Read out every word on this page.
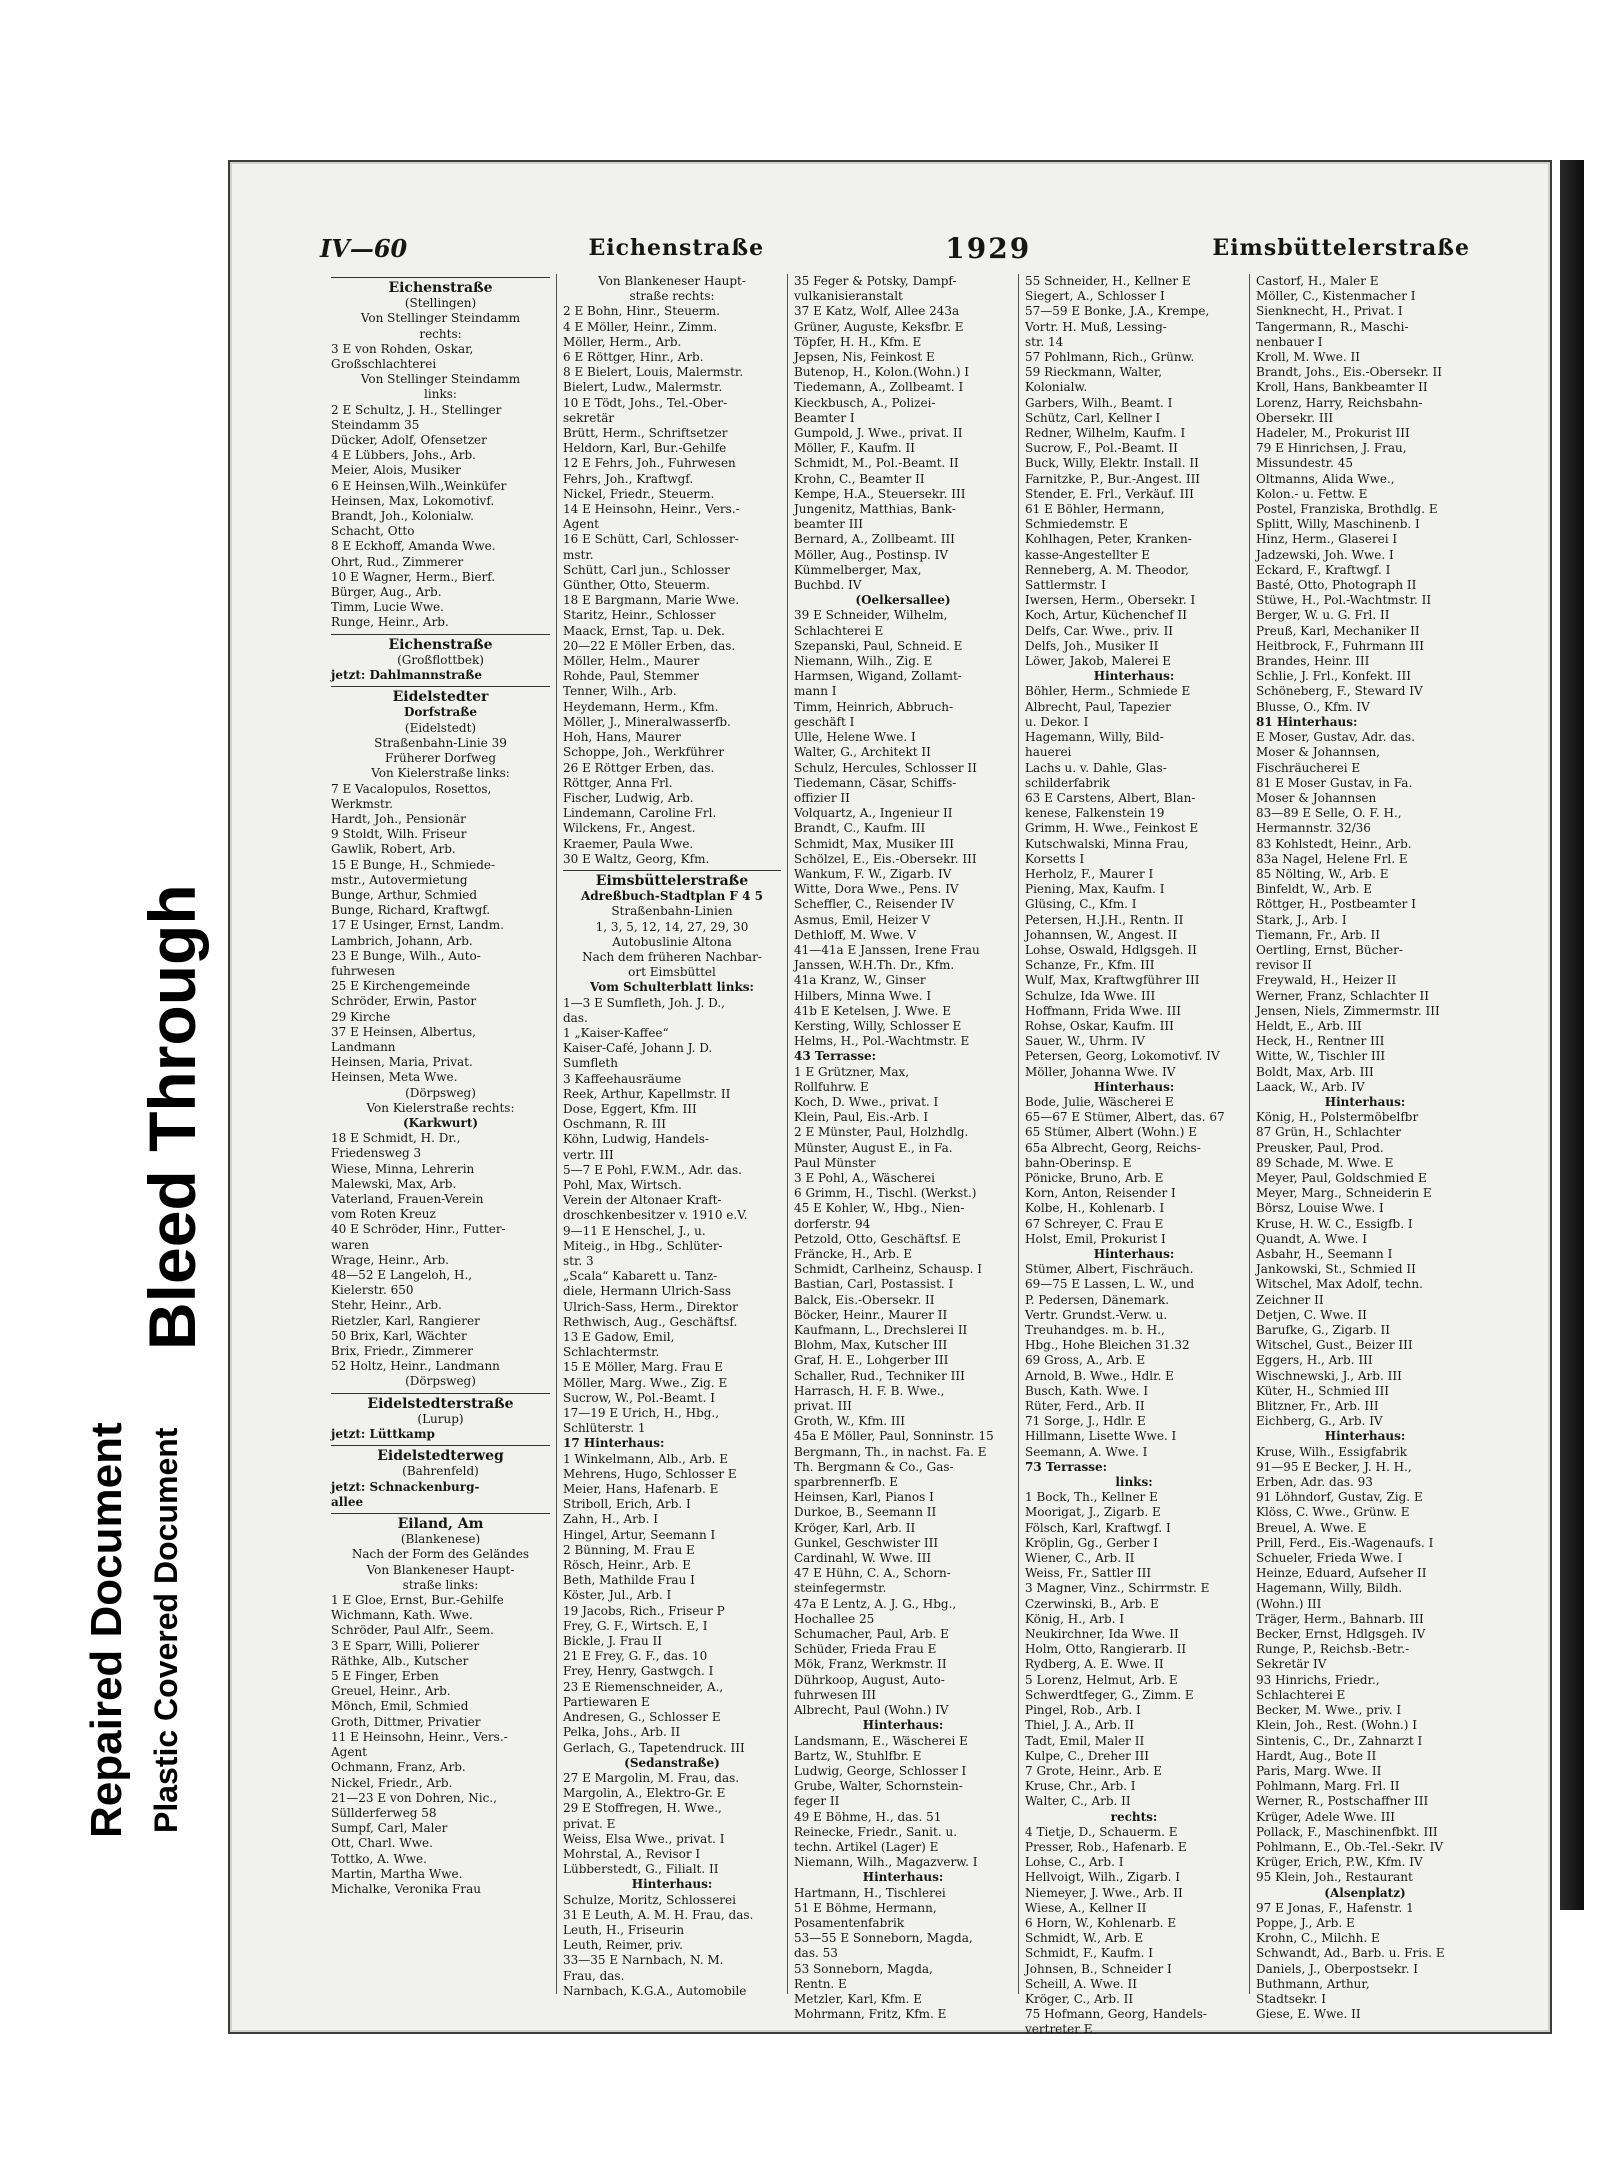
Bleed Through
Repaired Document Plastic Covered Document
IV—60	Eichenstraße	1929	Eimsbüttelerstraße
Eichenstraße
(Stellingen)
Von Stellinger Steindamm
rechts:
3 E von Rohden, Oskar,
Großschlachterei
Von Stellinger Steindamm
links:
2 E Schultz, J. H., Stellinger
Steindamm 35
Dücker, Adolf, Ofensetzer
4 E Lübbers, Johs., Arb.
Meier, Alois, Musiker
6 E Heinsen,Wilh.,Weinküfer
Heinsen, Max, Lokomotivf.
Brandt, Joh., Kolonialw.
Schacht, Otto
8 E Eckhoff, Amanda Wwe.
Ohrt, Rud., Zimmerer
10 E Wagner, Herm., Bierf.
Bürger, Aug., Arb.
Timm, Lucie Wwe.
Runge, Heinr., Arb.
Eichenstraße
(Großflottbek)
jetzt: Dahlmannstraße
Eidelstedter
Dorfstraße
(Eidelstedt)
Straßenbahn-Linie 39
Früherer Dorfweg
Von Kielerstraße links:
7 E Vacalopulos, Rosettos,
Werkmstr.
Hardt, Joh., Pensionär
9 Stoldt, Wilh. Friseur
Gawlik, Robert, Arb.
15 E Bunge, H., Schmiede-
mstr., Autovermietung
Bunge, Arthur, Schmied
Bunge, Richard, Kraftwgf.
17 E Usinger, Ernst, Landm.
Lambrich, Johann, Arb.
23 E Bunge, Wilh., Auto-
fuhrwesen
25 E Kirchengemeinde
Schröder, Erwin, Pastor
29 Kirche
37 E Heinsen, Albertus,
Landmann
Heinsen, Maria, Privat.
Heinsen, Meta Wwe.
(Dörpsweg)
Von Kielerstraße rechts:
(Karkwurt)
18 E Schmidt, H. Dr.,
Friedensweg 3
Wiese, Minna, Lehrerin
Malewski, Max, Arb.
Vaterland, Frauen-Verein
vom Roten Kreuz
40 E Schröder, Hinr., Futter-
waren
Wrage, Heinr., Arb.
48—52 E Langeloh, H.,
Kielerstr. 650
Stehr, Heinr., Arb.
Rietzler, Karl, Rangierer
50 Brix, Karl, Wächter
Brix, Friedr., Zimmerer
52 Holtz, Heinr., Landmann
(Dörpsweg)
Eidelstedterstraße
(Lurup)
jetzt: Lüttkamp
Eidelstedterweg
(Bahrenfeld)
jetzt: Schnackenburg-
allee
Eiland, Am
(Blankenese)
Nach der Form des Geländes
Von Blankeneser Haupt-
straße links:
1 E Gloe, Ernst, Bur.-Gehilfe
Wichmann, Kath. Wwe.
Schröder, Paul Alfr., Seem.
3 E Sparr, Willi, Polierer
Räthke, Alb., Kutscher
5 E Finger, Erben
Greuel, Heinr., Arb.
Mönch, Emil, Schmied
Groth, Dittmer, Privatier
11 E Heinsohn, Heinr., Vers.-
Agent
Ochmann, Franz, Arb.
Nickel, Friedr., Arb.
21—23 E von Dohren, Nic.,
Süllderferweg 58
Sumpf, Carl, Maler
Ott, Charl. Wwe.
Tottko, A. Wwe.
Martin, Martha Wwe.
Michalke, Veronika Frau
Von Blankeneser Haupt-
straße rechts:
2 E Bohn, Hinr., Steuerm.
4 E Möller, Heinr., Zimm.
Möller, Herm., Arb.
6 E Röttger, Hinr., Arb.
8 E Bielert, Louis, Malermstr.
Bielert, Ludw., Malermstr.
10 E Tödt, Johs., Tel.-Ober-
sekretär
Brütt, Herm., Schriftsetzer
Heldorn, Karl, Bur.-Gehilfe
12 E Fehrs, Joh., Fuhrwesen
Fehrs, Joh., Kraftwgf.
Nickel, Friedr., Steuerm.
14 E Heinsohn, Heinr., Vers.-
Agent
16 E Schütt, Carl, Schlosser-
mstr.
Schütt, Carl jun., Schlosser
Günther, Otto, Steuerm.
18 E Bargmann, Marie Wwe.
Staritz, Heinr., Schlosser
Maack, Ernst, Tap. u. Dek.
20—22 E Möller Erben, das.
Möller, Helm., Maurer
Rohde, Paul, Stemmer
Tenner, Wilh., Arb.
Heydemann, Herm., Kfm.
Möller, J., Mineralwasserfb.
Hoh, Hans, Maurer
Schoppe, Joh., Werkführer
26 E Röttger Erben, das.
Röttger, Anna Frl.
Fischer, Ludwig, Arb.
Lindemann, Caroline Frl.
Wilckens, Fr., Angest.
Kraemer, Paula Wwe.
30 E Waltz, Georg, Kfm.
Eimsbüttelerstraße
Adreßbuch-Stadtplan F 4 5
Straßenbahn-Linien
1, 3, 5, 12, 14, 27, 29, 30
Autobuslinie Altona
Nach dem früheren Nachbar-
ort Eimsbüttel
Vom Schulterblatt links:
1—3 E Sumfleth, Joh. J. D.,
das.
1 „Kaiser-Kaffee“
Kaiser-Café, Johann J. D.
Sumfleth
3 Kaffeehausräume
Reek, Arthur, Kapellmstr. II
Dose, Eggert, Kfm. III
Oschmann, R. III
Köhn, Ludwig, Handels-
vertr. III
5—7 E Pohl, F.W.M., Adr. das.
Pohl, Max, Wirtsch.
Verein der Altonaer Kraft-
droschkenbesitzer v. 1910 e.V.
9—11 E Henschel, J., u.
Miteig., in Hbg., Schlüter-
str. 3
„Scala“ Kabarett u. Tanz-
diele, Hermann Ulrich-Sass
Ulrich-Sass, Herm., Direktor
Rethwisch, Aug., Geschäftsf.
13 E Gadow, Emil,
Schlachtermstr.
15 E Möller, Marg. Frau E
Möller, Marg. Wwe., Zig. E
Sucrow, W., Pol.-Beamt. I
17—19 E Urich, H., Hbg.,
Schlüterstr. 1
17 Hinterhaus:
1 Winkelmann, Alb., Arb. E
Mehrens, Hugo, Schlosser E
Meier, Hans, Hafenarb. E
Striboll, Erich, Arb. I
Zahn, H., Arb. I
Hingel, Artur, Seemann I
2 Bünning, M. Frau E
Rösch, Heinr., Arb. E
Beth, Mathilde Frau I
Köster, Jul., Arb. I
19 Jacobs, Rich., Friseur P
Frey, G. F., Wirtsch. E, I
Bickle, J. Frau II
21 E Frey, G. F., das. 10
Frey, Henry, Gastwgch. I
23 E Riemenschneider, A.,
Partiewaren E
Andresen, G., Schlosser E
Pelka, Johs., Arb. II
Gerlach, G., Tapetendruck. III
(Sedanstraße)
27 E Margolin, M. Frau, das.
Margolin, A., Elektro-Gr. E
29 E Stoffregen, H. Wwe.,
privat. E
Weiss, Elsa Wwe., privat. I
Mohrstal, A., Revisor I
Lübberstedt, G., Filialt. II
Hinterhaus:
Schulze, Moritz, Schlosserei
31 E Leuth, A. M. H. Frau, das.
Leuth, H., Friseurin
Leuth, Reimer, priv.
33—35 E Narnbach, N. M.
Frau, das.
Narnbach, K.G.A., Automobile
35 Feger & Potsky, Dampf-
vulkanisieranstalt
37 E Katz, Wolf, Allee 243a
Grüner, Auguste, Keksfbr. E
Töpfer, H. H., Kfm. E
Jepsen, Nis, Feinkost E
Butenop, H., Kolon.(Wohn.) I
Tiedemann, A., Zollbeamt. I
Kieckbusch, A., Polizei-
Beamter I
Gumpold, J. Wwe., privat. II
Möller, F., Kaufm. II
Schmidt, M., Pol.-Beamt. II
Krohn, C., Beamter II
Kempe, H.A., Steuersekr. III
Jungenitz, Matthias, Bank-
beamter III
Bernard, A., Zollbeamt. III
Möller, Aug., Postinsp. IV
Kümmelberger, Max,
Buchbd. IV
(Oelkersallee)
39 E Schneider, Wilhelm,
Schlachterei E
Szepanski, Paul, Schneid. E
Niemann, Wilh., Zig. E
Harmsen, Wigand, Zollamt-
mann I
Timm, Heinrich, Abbruch-
geschäft I
Ulle, Helene Wwe. I
Walter, G., Architekt II
Schulz, Hercules, Schlosser II
Tiedemann, Cäsar, Schiffs-
offizier II
Volquartz, A., Ingenieur II
Brandt, C., Kaufm. III
Schmidt, Max, Musiker III
Schölzel, E., Eis.-Obersekr. III
Wankum, F. W., Zigarb. IV
Witte, Dora Wwe., Pens. IV
Scheffler, C., Reisender IV
Asmus, Emil, Heizer V
Dethloff, M. Wwe. V
41—41a E Janssen, Irene Frau
Janssen, W.H.Th. Dr., Kfm.
41a Kranz, W., Ginser
Hilbers, Minna Wwe. I
41b E Ketelsen, J. Wwe. E
Kersting, Willy, Schlosser E
Helms, H., Pol.-Wachtmstr. E
43 Terrasse:
1 E Grützner, Max,
Rollfuhrw. E
Koch, D. Wwe., privat. I
Klein, Paul, Eis.-Arb. I
2 E Münster, Paul, Holzhdlg.
Münster, August E., in Fa.
Paul Münster
3 E Pohl, A., Wäscherei
6 Grimm, H., Tischl. (Werkst.)
45 E Kohler, W., Hbg., Nien-
dorferstr. 94
Petzold, Otto, Geschäftsf. E
Fräncke, H., Arb. E
Schmidt, Carlheinz, Schausp. I
Bastian, Carl, Postassist. I
Balck, Eis.-Obersekr. II
Böcker, Heinr., Maurer II
Kaufmann, L., Drechslerei II
Blohm, Max, Kutscher III
Graf, H. E., Lohgerber III
Schaller, Rud., Techniker III
Harrasch, H. F. B. Wwe.,
privat. III
Groth, W., Kfm. III
45a E Möller, Paul, Sonninstr. 15
Bergmann, Th., in nachst. Fa. E
Th. Bergmann & Co., Gas-
sparbrennerfb. E
Heinsen, Karl, Pianos I
Durkoe, B., Seemann II
Kröger, Karl, Arb. II
Gunkel, Geschwister III
Cardinahl, W. Wwe. III
47 E Hühn, C. A., Schorn-
steinfegermstr.
47a E Lentz, A. J. G., Hbg.,
Hochallee 25
Schumacher, Paul, Arb. E
Schüder, Frieda Frau E
Mök, Franz, Werkmstr. II
Dührkoop, August, Auto-
fuhrwesen III
Albrecht, Paul (Wohn.) IV
Hinterhaus:
Landsmann, E., Wäscherei E
Bartz, W., Stuhlfbr. E
Ludwig, George, Schlosser I
Grube, Walter, Schornstein-
feger II
49 E Böhme, H., das. 51
Reinecke, Friedr., Sanit. u.
techn. Artikel (Lager) E
Niemann, Wilh., Magazverw. I
Hinterhaus:
Hartmann, H., Tischlerei
51 E Böhme, Hermann,
Posamentenfabrik
53—55 E Sonneborn, Magda,
das. 53
53 Sonneborn, Magda,
Rentn. E
Metzler, Karl, Kfm. E
Mohrmann, Fritz, Kfm. E
55 Schneider, H., Kellner E
Siegert, A., Schlosser I
57—59 E Bonke, J.A., Krempe,
Vortr. H. Muß, Lessing-
str. 14
57 Pohlmann, Rich., Grünw.
59 Rieckmann, Walter,
Kolonialw.
Garbers, Wilh., Beamt. I
Schütz, Carl, Kellner I
Redner, Wilhelm, Kaufm. I
Sucrow, F., Pol.-Beamt. II
Buck, Willy, Elektr. Install. II
Farnitzke, P., Bur.-Angest. III
Stender, E. Frl., Verkäuf. III
61 E Böhler, Hermann,
Schmiedemstr. E
Kohlhagen, Peter, Kranken-
kasse-Angestellter E
Renneberg, A. M. Theodor,
Sattlermstr. I
Iwersen, Herm., Obersekr. I
Koch, Artur, Küchenchef II
Delfs, Car. Wwe., priv. II
Delfs, Joh., Musiker II
Löwer, Jakob, Malerei E
Hinterhaus:
Böhler, Herm., Schmiede E
Albrecht, Paul, Tapezier
u. Dekor. I
Hagemann, Willy, Bild-
hauerei
Lachs u. v. Dahle, Glas-
schilderfabrik
63 E Carstens, Albert, Blan-
kenese, Falkenstein 19
Grimm, H. Wwe., Feinkost E
Kutschwalski, Minna Frau,
Korsetts I
Herholz, F., Maurer I
Piening, Max, Kaufm. I
Glüsing, C., Kfm. I
Petersen, H.J.H., Rentn. II
Johannsen, W., Angest. II
Lohse, Oswald, Hdlgsgeh. II
Schanze, Fr., Kfm. III
Wulf, Max, Kraftwgführer III
Schulze, Ida Wwe. III
Hoffmann, Frida Wwe. III
Rohse, Oskar, Kaufm. III
Sauer, W., Uhrm. IV
Petersen, Georg, Lokomotivf. IV
Möller, Johanna Wwe. IV
Hinterhaus:
Bode, Julie, Wäscherei E
65—67 E Stümer, Albert, das. 67
65 Stümer, Albert (Wohn.) E
65a Albrecht, Georg, Reichs-
bahn-Oberinsp. E
Pönicke, Bruno, Arb. E
Korn, Anton, Reisender I
Kolbe, H., Kohlenarb. I
67 Schreyer, C. Frau E
Holst, Emil, Prokurist I
Hinterhaus:
Stümer, Albert, Fischräuch.
69—75 E Lassen, L. W., und
P. Pedersen, Dänemark.
Vertr. Grundst.-Verw. u.
Treuhandges. m. b. H.,
Hbg., Hohe Bleichen 31.32
69 Gross, A., Arb. E
Arnold, B. Wwe., Hdlr. E
Busch, Kath. Wwe. I
Rüter, Ferd., Arb. II
71 Sorge, J., Hdlr. E
Hillmann, Lisette Wwe. I
Seemann, A. Wwe. I
73 Terrasse:
links:
1 Bock, Th., Kellner E
Moorigat, J., Zigarb. E
Fölsch, Karl, Kraftwgf. I
Kröplin, Gg., Gerber I
Wiener, C., Arb. II
Weiss, Fr., Sattler III
3 Magner, Vinz., Schirrmstr. E
Czerwinski, B., Arb. E
König, H., Arb. I
Neukirchner, Ida Wwe. II
Holm, Otto, Rangierarb. II
Rydberg, A. E. Wwe. II
5 Lorenz, Helmut, Arb. E
Schwerdtfeger, G., Zimm. E
Pingel, Rob., Arb. I
Thiel, J. A., Arb. II
Tadt, Emil, Maler II
Kulpe, C., Dreher III
7 Grote, Heinr., Arb. E
Kruse, Chr., Arb. I
Walter, C., Arb. II
rechts:
4 Tietje, D., Schauerm. E
Presser, Rob., Hafenarb. E
Lohse, C., Arb. I
Hellvoigt, Wilh., Zigarb. I
Niemeyer, J. Wwe., Arb. II
Wiese, A., Kellner II
6 Horn, W., Kohlenarb. E
Schmidt, W., Arb. E
Schmidt, F., Kaufm. I
Johnsen, B., Schneider I
Scheill, A. Wwe. II
Kröger, C., Arb. II
75 Hofmann, Georg, Handels-
vertreter E
Castorf, H., Maler E
Möller, C., Kistenmacher I
Sienknecht, H., Privat. I
Tangermann, R., Maschi-
nenbauer I
Kroll, M. Wwe. II
Brandt, Johs., Eis.-Obersekr. II
Kroll, Hans, Bankbeamter II
Lorenz, Harry, Reichsbahn-
Obersekr. III
Hadeler, M., Prokurist III
79 E Hinrichsen, J. Frau,
Missundestr. 45
Oltmanns, Alida Wwe.,
Kolon.- u. Fettw. E
Postel, Franziska, Brothdlg. E
Splitt, Willy, Maschinenb. I
Hinz, Herm., Glaserei I
Jadzewski, Joh. Wwe. I
Eckard, F., Kraftwgf. I
Basté, Otto, Photograph II
Stüwe, H., Pol.-Wachtmstr. II
Berger, W. u. G. Frl. II
Preuß, Karl, Mechaniker II
Heitbrock, F., Fuhrmann III
Brandes, Heinr. III
Schlie, J. Frl., Konfekt. III
Schöneberg, F., Steward IV
Blusse, O., Kfm. IV
81 Hinterhaus:
E Moser, Gustav, Adr. das.
Moser & Johannsen,
Fischräucherei E
81 E Moser Gustav, in Fa.
Moser & Johannsen
83—89 E Selle, O. F. H.,
Hermannstr. 32/36
83 Kohlstedt, Heinr., Arb.
83a Nagel, Helene Frl. E
85 Nölting, W., Arb. E
Binfeldt, W., Arb. E
Röttger, H., Postbeamter I
Stark, J., Arb. I
Tiemann, Fr., Arb. II
Oertling, Ernst, Bücher-
revisor II
Freywald, H., Heizer II
Werner, Franz, Schlachter II
Jensen, Niels, Zimmermstr. III
Heldt, E., Arb. III
Heck, H., Rentner III
Witte, W., Tischler III
Boldt, Max, Arb. III
Laack, W., Arb. IV
Hinterhaus:
König, H., Polstermöbelfbr
87 Grün, H., Schlachter
Preusker, Paul, Prod.
89 Schade, M. Wwe. E
Meyer, Paul, Goldschmied E
Meyer, Marg., Schneiderin E
Börsz, Louise Wwe. I
Kruse, H. W. C., Essigfb. I
Quandt, A. Wwe. I
Asbahr, H., Seemann I
Jankowski, St., Schmied II
Witschel, Max Adolf, techn.
Zeichner II
Detjen, C. Wwe. II
Barufke, G., Zigarb. II
Witschel, Gust., Beizer III
Eggers, H., Arb. III
Wischnewski, J., Arb. III
Küter, H., Schmied III
Blitzner, Fr., Arb. III
Eichberg, G., Arb. IV
Hinterhaus:
Kruse, Wilh., Essigfabrik
91—95 E Becker, J. H. H.,
Erben, Adr. das. 93
91 Löhndorf, Gustav, Zig. E
Klöss, C. Wwe., Grünw. E
Breuel, A. Wwe. E
Prill, Ferd., Eis.-Wagenaufs. I
Schueler, Frieda Wwe. I
Heinze, Eduard, Aufseher II
Hagemann, Willy, Bildh.
(Wohn.) III
Träger, Herm., Bahnarb. III
Becker, Ernst, Hdlgsgeh. IV
Runge, P., Reichsb.-Betr.-
Sekretär IV
93 Hinrichs, Friedr.,
Schlachterei E
Becker, M. Wwe., priv. I
Klein, Joh., Rest. (Wohn.) I
Sintenis, C., Dr., Zahnarzt I
Hardt, Aug., Bote II
Paris, Marg. Wwe. II
Pohlmann, Marg. Frl. II
Werner, R., Postschaffner III
Krüger, Adele Wwe. III
Pollack, F., Maschinenfbkt. III
Pohlmann, E., Ob.-Tel.-Sekr. IV
Krüger, Erich, P.W., Kfm. IV
95 Klein, Joh., Restaurant
(Alsenplatz)
97 E Jonas, F., Hafenstr. 1
Poppe, J., Arb. E
Krohn, C., Milchh. E
Schwandt, Ad., Barb. u. Fris. E
Daniels, J., Oberpostsekr. I
Buthmann, Arthur,
Stadtsekr. I
Giese, E. Wwe. II
